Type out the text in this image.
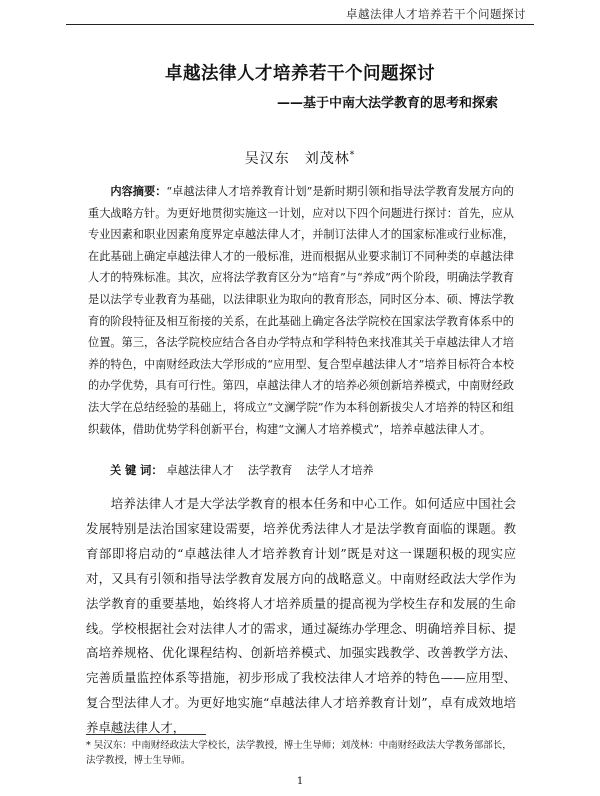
卓越法律人才培养若干个问题探讨
卓越法律人才培养若干个问题探讨
——基于中南大法学教育的思考和探索
吴汉东　刘茂林*

内容摘要：“卓越法律人才培养教育计划”是新时期引领和指导法学教育发展方向的重大战略方针。为更好地贯彻实施这一计划，应对以下四个问题进行探讨：首先，应从专业因素和职业因素角度界定卓越法律人才，并制订法律人才的国家标准或行业标准，在此基础上确定卓越法律人才的一般标准，进而根据从业要求制订不同种类的卓越法律人才的特殊标准。其次，应将法学教育区分为“培育”与“养成”两个阶段，明确法学教育是以法学专业教育为基础，以法律职业为取向的教育形态，同时区分本、硕、博法学教育的阶段特征及相互衔接的关系，在此基础上确定各法学院校在国家法学教育体系中的位置。第三，各法学院校应结合各自办学特点和学科特色来找准其关于卓越法律人才培养的特色，中南财经政法大学形成的“应用型、复合型卓越法律人才”培养目标符合本校的办学优势，具有可行性。第四，卓越法律人才的培养必须创新培养模式，中南财经政法大学在总结经验的基础上，将成立“文澜学院”作为本科创新拔尖人才培养的特区和组织载体，借助优势学科创新平台，构建“文澜人才培养模式”，培养卓越法律人才。

关 键 词： 卓越法律人才 法学教育 法学人才培养

培养法律人才是大学法学教育的根本任务和中心工作。如何适应中国社会发展特别是法治国家建设需要，培养优秀法律人才是法学教育面临的课题。教育部即将启动的“卓越法律人才培养教育计划”既是对这一课题积极的现实应对，又具有引领和指导法学教育发展方向的战略意义。中南财经政法大学作为法学教育的重要基地，始终将人才培养质量的提高视为学校生存和发展的生命线。学校根据社会对法律人才的需求，通过凝练办学理念、明确培养目标、提高培养规格、优化课程结构、创新培养模式、加强实践教学、改善教学方法、完善质量监控体系等措施，初步形成了我校法律人才培养的特色——应用型、复合型法律人才。为更好地实施“卓越法律人才培养教育计划”，卓有成效地培养卓越法律人才，

* 吴汉东：中南财经政法大学校长，法学教授，博士生导师；刘茂林：中南财经政法大学教务部部长，法学教授，博士生导师。

1
